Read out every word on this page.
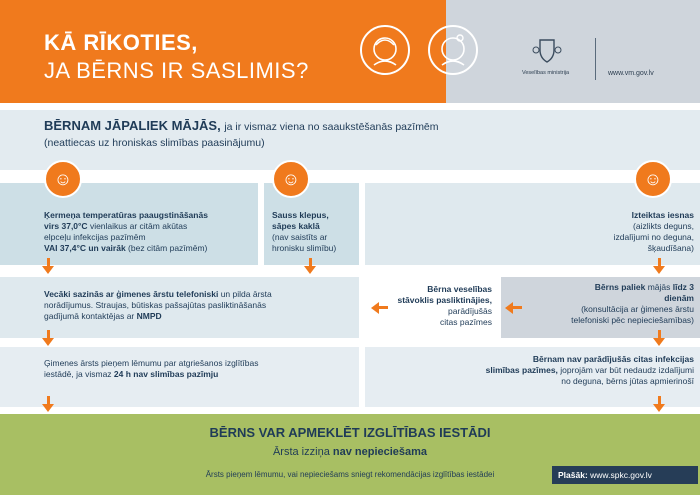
KĀ RĪKOTIES,
JA BĒRNS IR SASLIMIS?	Veselības ministrija	www.vm.gov.lv
BĒRNAM JĀPALIEK MĀJĀS, ja ir vismaz viena no saaukstēšanās pazīmēm
(neattiecas uz hroniskas slimības paasinājumu)
☺	☺	☺
Ķermeņa temperatūras paaugstināšanās
virs 37,0°C vienlaikus ar citām akūtas
elpceļu infekcijas pazīmēm
VAI 37,4°C un vairāk (bez citām pazīmēm)
Sauss klepus,
sāpes kaklā
(nav saistīts ar
hronisku slimību)
Izteiktas iesnas
(aizlikts deguns,
izdalījumi no deguna,
šķaudīšana)
Vecāki sazinās ar ģimenes ārstu telefoniski un pilda ārsta
norādījumus. Straujas, būtiskas pašsajūtas pasliktināšanās
gadījumā kontaktējas ar NMPD
Bērna veselības
stāvoklis pasliktinājies,
parādījušās
citas pazīmes
Bērns paliek mājās līdz 3
dienām
(konsultācija ar ģimenes ārstu
telefoniski pēc nepieciešamības)
Ģimenes ārsts pieņem lēmumu par atgriešanos izglītības
iestādē, ja vismaz 24 h nav slimības pazīmju
Bērnam nav parādījušās citas infekcijas
slimības pazīmes, joprojām var būt nedaudz izdalījumi
no deguna, bērns jūtas apmierinošī
BĒRNS VAR APMEKLĒT IZGLĪTĪBAS IESTĀDI
Ārsta izziņa nav nepieciešama
Ārsts pieņem lēmumu, vai nepieciešams sniegt rekomendācijas izglītības iestādei	Plašāk: www.spkc.gov.lv
